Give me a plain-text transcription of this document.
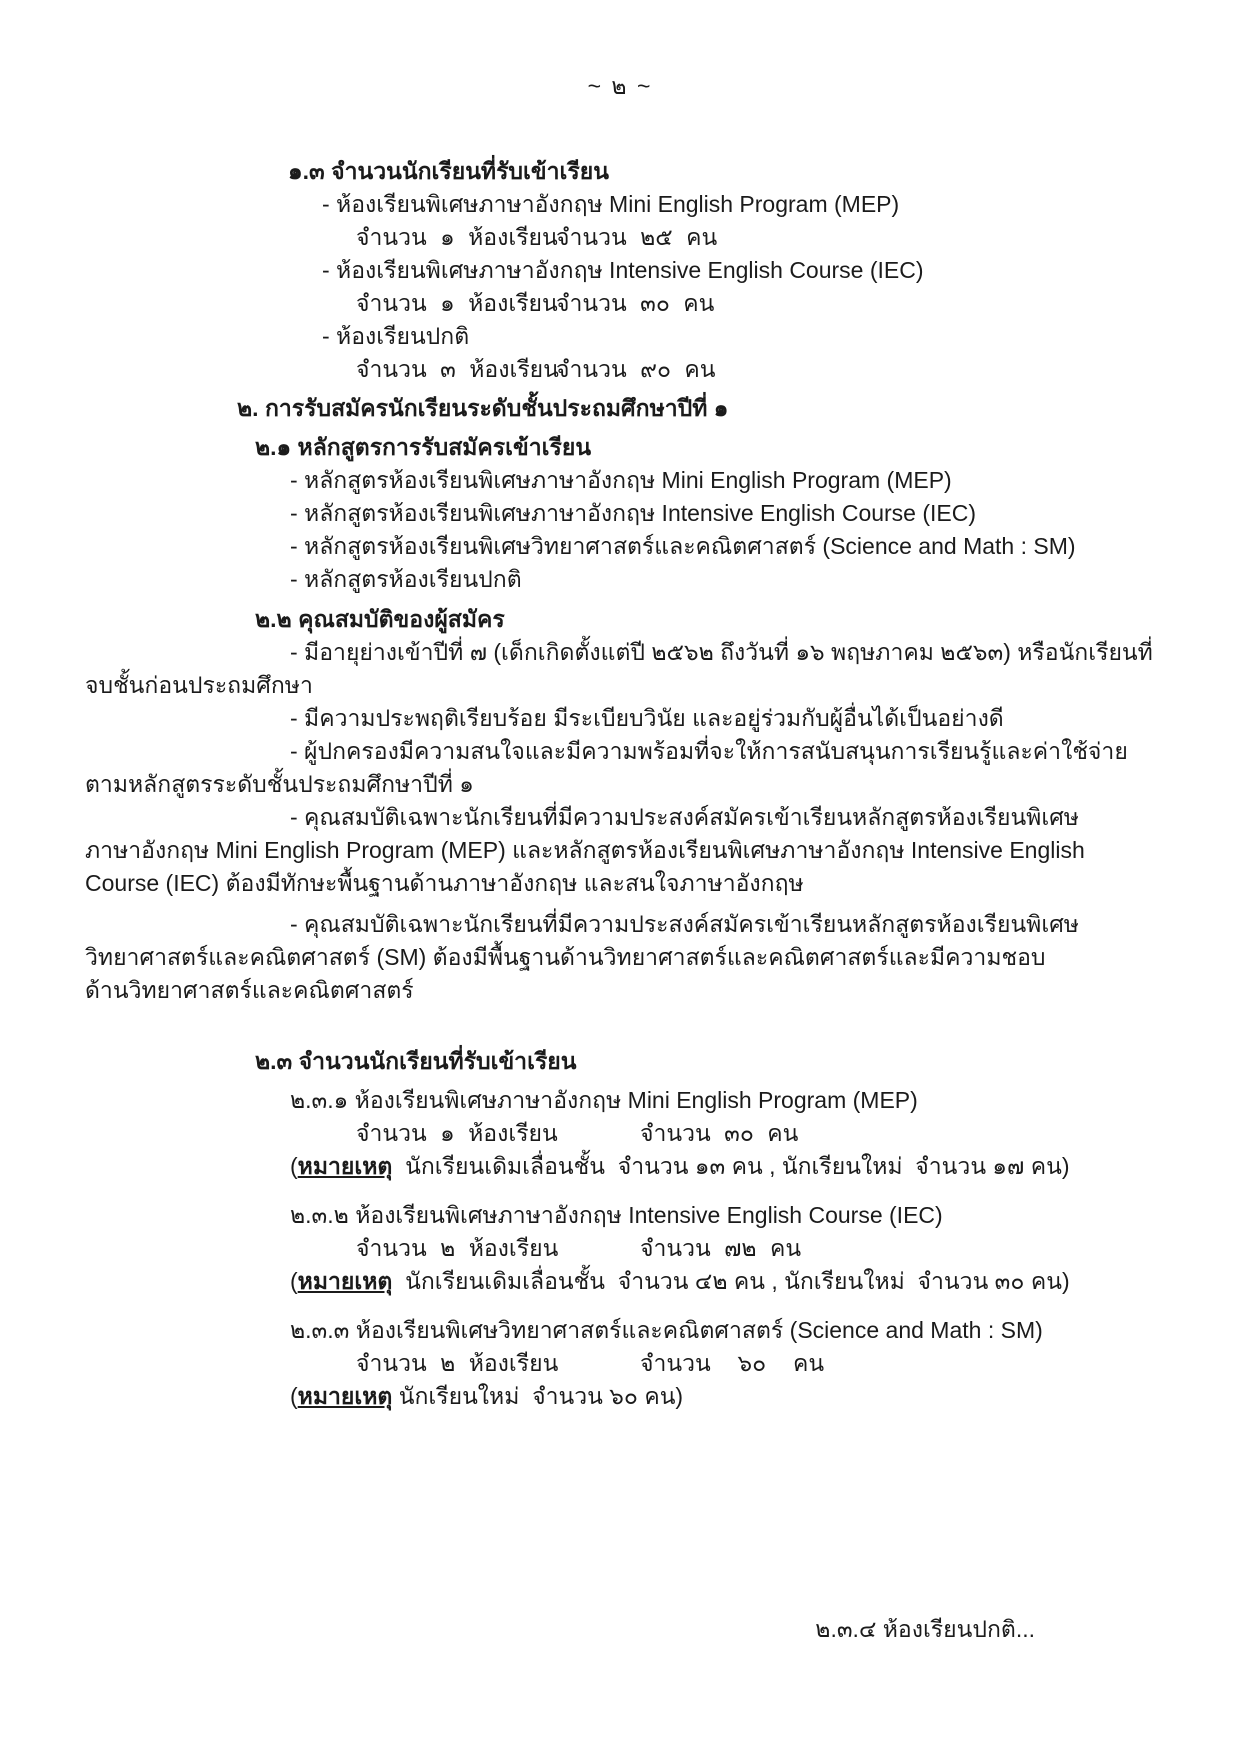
~ ๒ ~
๑.๓ จำนวนนักเรียนที่รับเข้าเรียน
- ห้องเรียนพิเศษภาษาอังกฤษ Mini English Program (MEP)
จำนวน ๑ ห้องเรียนจำนวน ๒๕ คน
- ห้องเรียนพิเศษภาษาอังกฤษ Intensive English Course (IEC)
จำนวน ๑ ห้องเรียนจำนวน ๓๐ คน
- ห้องเรียนปกติ
จำนวน ๓ ห้องเรียนจำนวน ๙๐ คน
๒. การรับสมัครนักเรียนระดับชั้นประถมศึกษาปีที่ ๑
๒.๑ หลักสูตรการรับสมัครเข้าเรียน
- หลักสูตรห้องเรียนพิเศษภาษาอังกฤษ Mini English Program (MEP)
- หลักสูตรห้องเรียนพิเศษภาษาอังกฤษ Intensive English Course (IEC)
- หลักสูตรห้องเรียนพิเศษวิทยาศาสตร์และคณิตศาสตร์ (Science and Math : SM)
- หลักสูตรห้องเรียนปกติ
๒.๒ คุณสมบัติของผู้สมัคร
- มีอายุย่างเข้าปีที่ ๗ (เด็กเกิดตั้งแต่ปี ๒๕๖๒ ถึงวันที่ ๑๖ พฤษภาคม ๒๕๖๓) หรือนักเรียนที่
จบชั้นก่อนประถมศึกษา
- มีความประพฤติเรียบร้อย มีระเบียบวินัย และอยู่ร่วมกับผู้อื่นได้เป็นอย่างดี
- ผู้ปกครองมีความสนใจและมีความพร้อมที่จะให้การสนับสนุนการเรียนรู้และค่าใช้จ่าย
ตามหลักสูตรระดับชั้นประถมศึกษาปีที่ ๑
- คุณสมบัติเฉพาะนักเรียนที่มีความประสงค์สมัครเข้าเรียนหลักสูตรห้องเรียนพิเศษ
ภาษาอังกฤษ Mini English Program (MEP) และหลักสูตรห้องเรียนพิเศษภาษาอังกฤษ Intensive English
Course (IEC) ต้องมีทักษะพื้นฐานด้านภาษาอังกฤษ และสนใจภาษาอังกฤษ
- คุณสมบัติเฉพาะนักเรียนที่มีความประสงค์สมัครเข้าเรียนหลักสูตรห้องเรียนพิเศษ
วิทยาศาสตร์และคณิตศาสตร์ (SM) ต้องมีพื้นฐานด้านวิทยาศาสตร์และคณิตศาสตร์และมีความชอบ
ด้านวิทยาศาสตร์และคณิตศาสตร์
๒.๓ จำนวนนักเรียนที่รับเข้าเรียน
๒.๓.๑ ห้องเรียนพิเศษภาษาอังกฤษ Mini English Program (MEP)
จำนวน ๑ ห้องเรียน	จำนวน ๓๐ คน
(หมายเหตุ  นักเรียนเดิมเลื่อนชั้น  จำนวน ๑๓ คน , นักเรียนใหม่  จำนวน ๑๗ คน)
๒.๓.๒ ห้องเรียนพิเศษภาษาอังกฤษ Intensive English Course (IEC)
จำนวน ๒ ห้องเรียน	จำนวน ๗๒ คน
(หมายเหตุ  นักเรียนเดิมเลื่อนชั้น  จำนวน ๔๒ คน , นักเรียนใหม่  จำนวน ๓๐ คน)
๒.๓.๓ ห้องเรียนพิเศษวิทยาศาสตร์และคณิตศาสตร์ (Science and Math : SM)
จำนวน ๒ ห้องเรียน	จำนวน  ๖๐  คน
(หมายเหตุ นักเรียนใหม่  จำนวน ๖๐ คน)
๒.๓.๔ ห้องเรียนปกติ...
